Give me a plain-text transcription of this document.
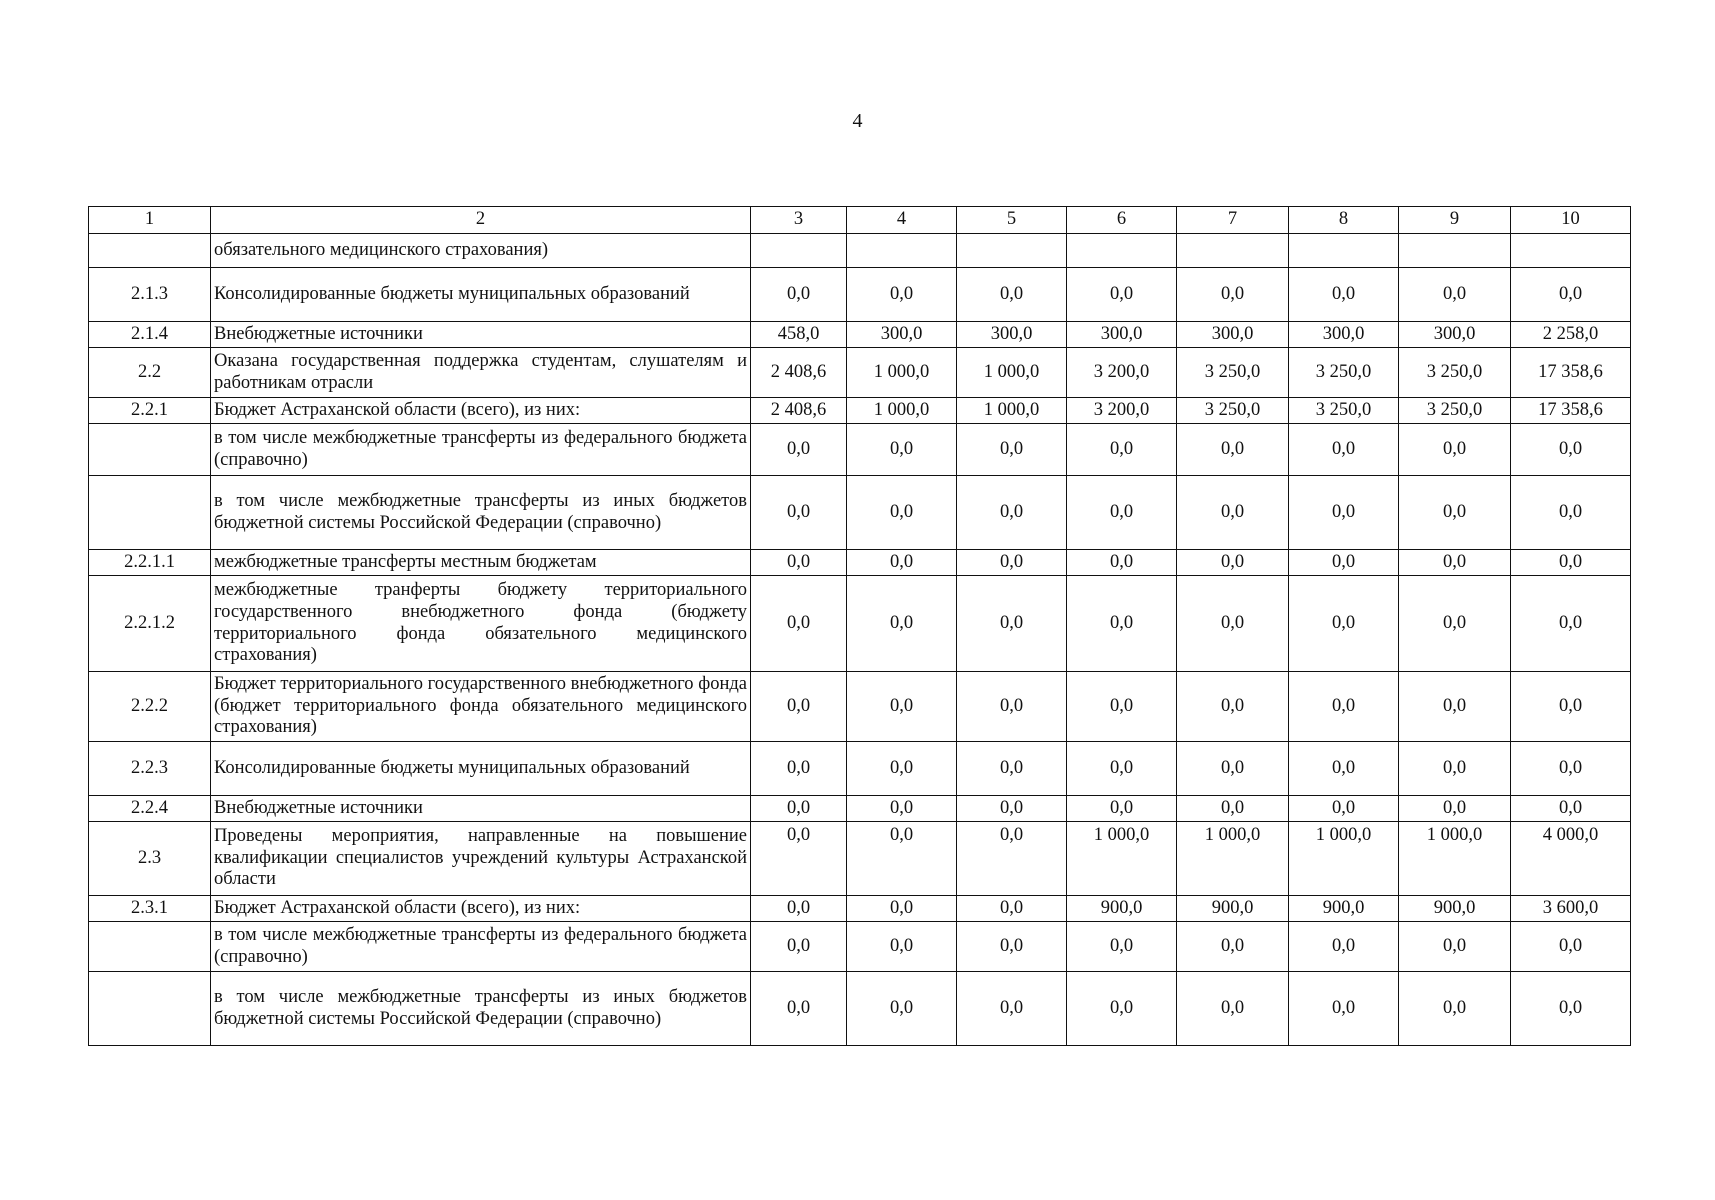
4
1	2	3	4	5	6	7	8	9	10
	обязательного медицинского страхования)								
2.1.3	Консолидированные бюджеты муниципальных образований	0,0	0,0	0,0	0,0	0,0	0,0	0,0	0,0
2.1.4	Внебюджетные источники	458,0	300,0	300,0	300,0	300,0	300,0	300,0	2 258,0
2.2	Оказана государственная поддержка студентам, слушателям и работникам отрасли	2 408,6	1 000,0	1 000,0	3 200,0	3 250,0	3 250,0	3 250,0	17 358,6
2.2.1	Бюджет Астраханской области (всего), из них:	2 408,6	1 000,0	1 000,0	3 200,0	3 250,0	3 250,0	3 250,0	17 358,6
	в том числе межбюджетные трансферты из федерального бюджета (справочно)	0,0	0,0	0,0	0,0	0,0	0,0	0,0	0,0
	в том числе межбюджетные трансферты из иных бюджетов бюджетной системы Российской Федерации (справочно)	0,0	0,0	0,0	0,0	0,0	0,0	0,0	0,0
2.2.1.1	межбюджетные трансферты местным бюджетам	0,0	0,0	0,0	0,0	0,0	0,0	0,0	0,0
2.2.1.2	межбюджетные транферты бюджету территориального государственного внебюджетного фонда (бюджету территориального фонда обязательного медицинского страхования)	0,0	0,0	0,0	0,0	0,0	0,0	0,0	0,0
2.2.2	Бюджет территориального государственного внебюджетного фонда (бюджет территориального фонда обязательного медицинского страхования)	0,0	0,0	0,0	0,0	0,0	0,0	0,0	0,0
2.2.3	Консолидированные бюджеты муниципальных образований	0,0	0,0	0,0	0,0	0,0	0,0	0,0	0,0
2.2.4	Внебюджетные источники	0,0	0,0	0,0	0,0	0,0	0,0	0,0	0,0
2.3	Проведены мероприятия, направленные на повышение квалификации специалистов учреждений культуры Астраханской области	0,0	0,0	0,0	1 000,0	1 000,0	1 000,0	1 000,0	4 000,0
2.3.1	Бюджет Астраханской области (всего), из них:	0,0	0,0	0,0	900,0	900,0	900,0	900,0	3 600,0
	в том числе межбюджетные трансферты из федерального бюджета (справочно)	0,0	0,0	0,0	0,0	0,0	0,0	0,0	0,0
	в том числе межбюджетные трансферты из иных бюджетов бюджетной системы Российской Федерации (справочно)	0,0	0,0	0,0	0,0	0,0	0,0	0,0	0,0
